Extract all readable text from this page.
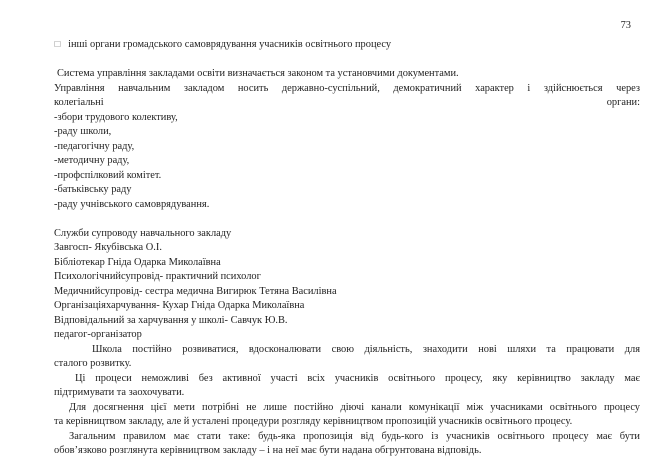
73
□ інші органи громадського самоврядування учасників освітнього процесу
Система управління закладами освіти визначається законом та установчими документами.
Управління навчальним закладом носить державно-суспільний, демократичний характер і здійснюється через
колегіальні	органи:
-збори трудового колективу,
-раду школи,
-педагогічну раду,
-методичну раду,
-профспілковий комітет.
-батьківську раду
-раду учнівського самоврядування.
Служби супроводу навчального закладу
Завгосп- Якубівська О.І.
Бібліотекар Гніда Одарка Миколаївна
Психологічнийсупровід- практичний психолог
Медичнийсупровід- сестра медична Вигирюк Тетяна Василівна
Організаціяхарчування- Кухар Гніда Одарка Миколаївна
Відповідальний за харчування у школі- Савчук Ю.В.
педагог-організатор
Школа постійно розвиватися, вдосконалювати свою діяльність, знаходити нові шляхи та працювати для
сталого розвитку.
Ці процеси неможливі без активної участі всіх учасників освітнього процесу, яку керівництво закладу має
підтримувати та заохочувати.
Для досягнення цієї мети потрібні не лише постійно діючі канали комунікації між учасниками освітнього процесу
та керівництвом закладу, але й усталені процедури розгляду керівництвом пропозицій учасників освітнього процесу.
Загальним правилом має стати таке: будь-яка пропозиція від будь-кого із учасників освітнього процесу має бути
обов’язково розглянута керівництвом закладу – і на неї має бути надана обгрунтована відповідь.
